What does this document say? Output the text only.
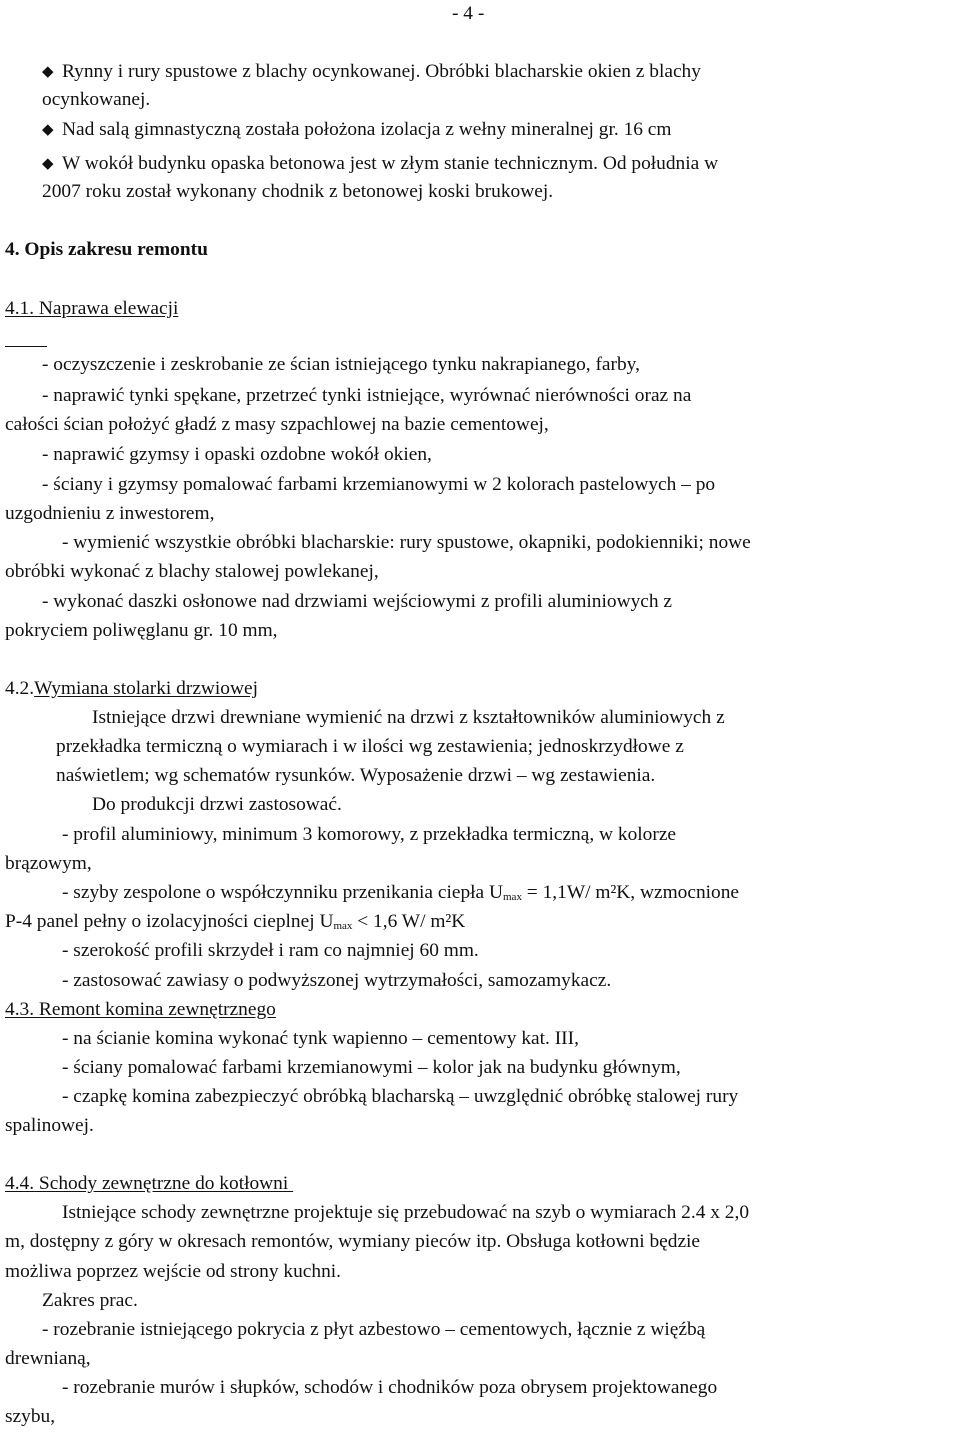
- 4 -
◆ Rynny i rury spustowe z blachy ocynkowanej. Obróbki blacharskie okien z blachy
ocynkowanej.
◆ Nad salą gimnastyczną została położona izolacja z wełny mineralnej gr. 16 cm
◆ W wokół budynku opaska betonowa jest w złym stanie technicznym. Od południa w
2007 roku został wykonany chodnik z betonowej koski brukowej.
4. Opis zakresu remontu
4.1. Naprawa elewacji
- oczyszczenie i zeskrobanie ze ścian istniejącego tynku nakrapianego, farby,
- naprawić tynki spękane, przetrzeć tynki istniejące, wyrównać nierówności oraz na
całości ścian położyć gładź z masy szpachlowej na bazie cementowej,
- naprawić gzymsy i opaski ozdobne wokół okien,
- ściany i gzymsy pomalować farbami krzemianowymi w 2 kolorach pastelowych – po
uzgodnieniu z inwestorem,
- wymienić wszystkie obróbki blacharskie: rury spustowe, okapniki, podokienniki; nowe
obróbki wykonać z blachy stalowej powlekanej,
- wykonać daszki osłonowe nad drzwiami wejściowymi z profili aluminiowych z
pokryciem poliwęglanu gr. 10 mm,
4.2.Wymiana stolarki drzwiowej
Istniejące drzwi drewniane wymienić na drzwi z kształtowników aluminiowych z
przekładka termiczną o wymiarach i w ilości wg zestawienia; jednoskrzydłowe z
naświetlem; wg schematów rysunków. Wyposażenie drzwi – wg zestawienia.
Do produkcji drzwi zastosować.
- profil aluminiowy, minimum 3 komorowy, z przekładka termiczną, w kolorze
brązowym,
- szyby zespolone o współczynniku przenikania ciepła $U_{max} = 1,1W/$ m²K, wzmocnione
P-4 panel pełny o izolacyjności cieplnej $U_{max} < 1,6$ W/ m²K
- szerokość profili skrzydeł i ram co najmniej 60 mm.
- zastosować zawiasy o podwyższonej wytrzymałości, samozamykacz.
4.3. Remont komina zewnętrznego
- na ścianie komina wykonać tynk wapienno – cementowy kat. III,
- ściany pomalować farbami krzemianowymi – kolor jak na budynku głównym,
- czapkę komina zabezpieczyć obróbką blacharską – uwzględnić obróbkę stalowej rury
spalinowej.
4.4. Schody zewnętrzne do kotłowni
Istniejące schody zewnętrzne projektuje się przebudować na szyb o wymiarach 2.4 x 2,0
m, dostępny z góry w okresach remontów, wymiany pieców itp. Obsługa kotłowni będzie
możliwa poprzez wejście od strony kuchni.
Zakres prac.
- rozebranie istniejącego pokrycia z płyt azbestowo – cementowych, łącznie z więźbą
drewnianą,
- rozebranie murów i słupków, schodów i chodników poza obrysem projektowanego
szybu,
